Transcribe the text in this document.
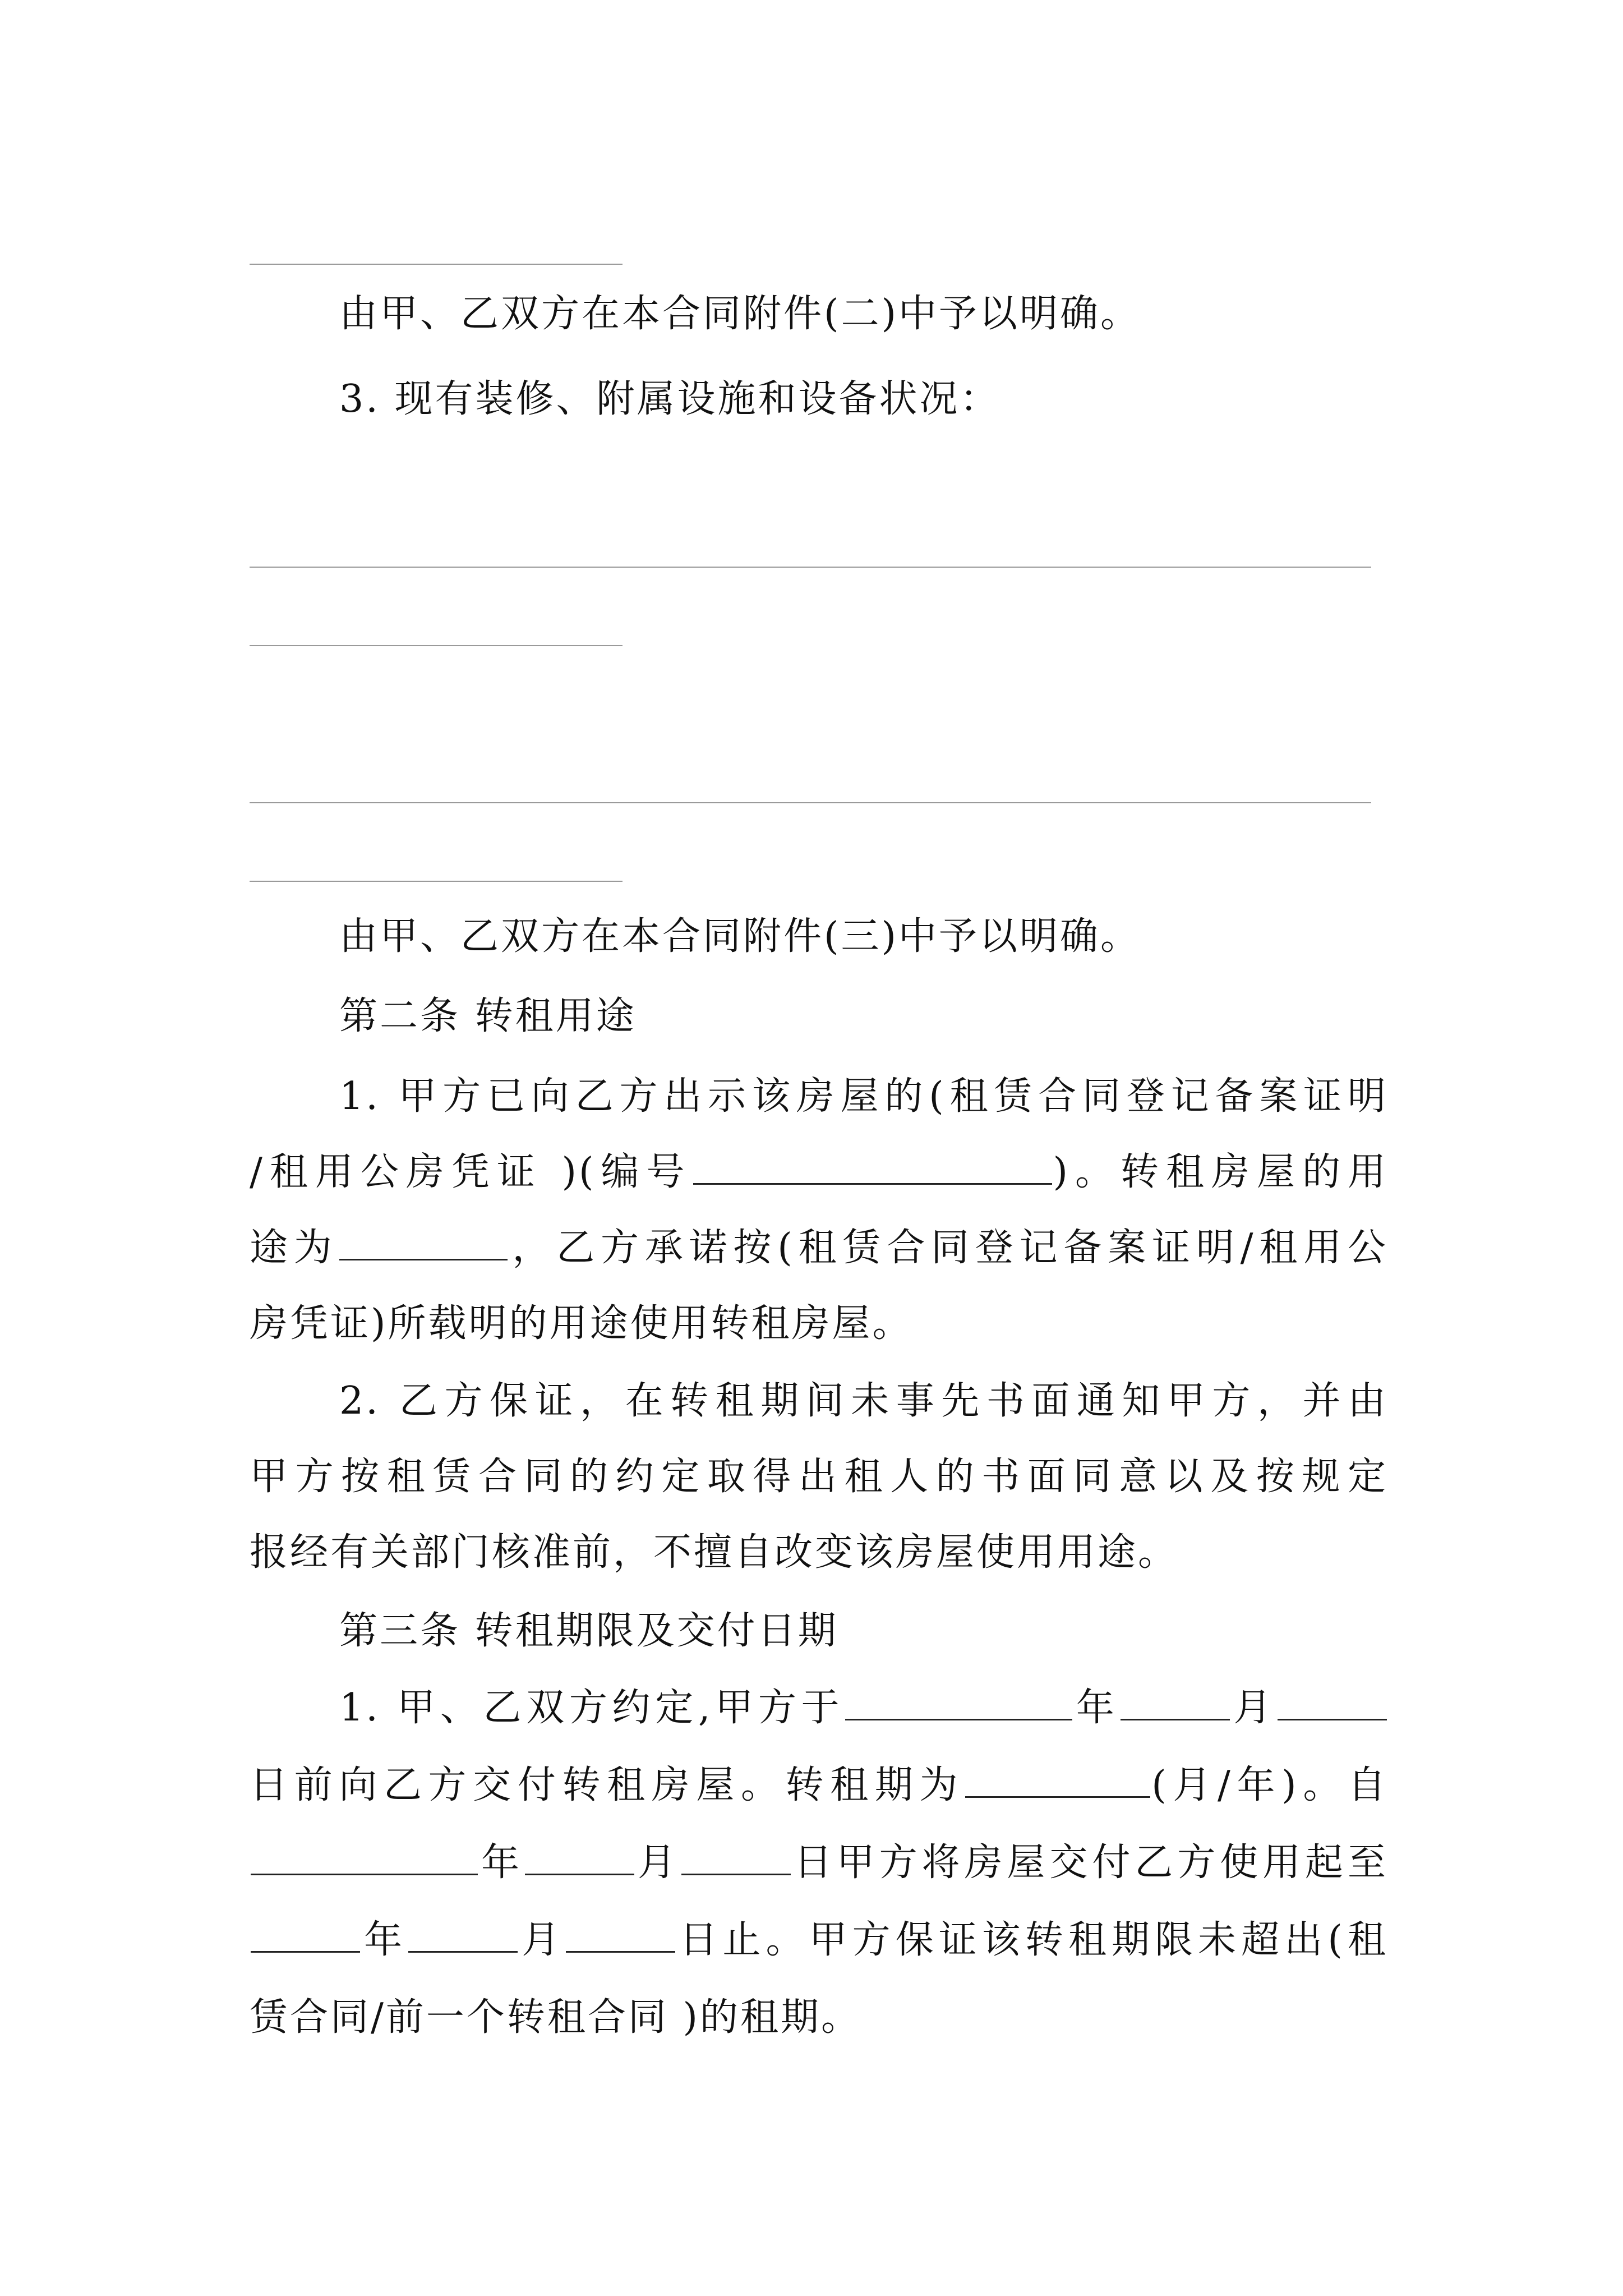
由甲、乙双方在本合同附件(二)中予以明确。
3. 现有装修、附属设施和设备状况：
由甲、乙双方在本合同附件(三)中予以明确。
第二条 转租用途
1. 甲方已向乙方出示该房屋的(租赁合同登记备案证明
/租用公房凭证 )(编号	)。转租房屋的用
途为	，乙方承诺按(租赁合同登记备案证明/租用公
房凭证)所载明的用途使用转租房屋。
2. 乙方保证，在转租期间未事先书面通知甲方，并由
甲方按租赁合同的约定取得出租人的书面同意以及按规定
报经有关部门核准前，不擅自改变该房屋使用用途。
第三条 转租期限及交付日期
1. 甲、乙双方约定,甲方于	年	月
日前向乙方交付转租房屋。转租期为	(月/年)。自
年	月	日甲方将房屋交付乙方使用起至
年	月	日止。甲方保证该转租期限未超出(租
赁合同/前一个转租合同 )的租期。
